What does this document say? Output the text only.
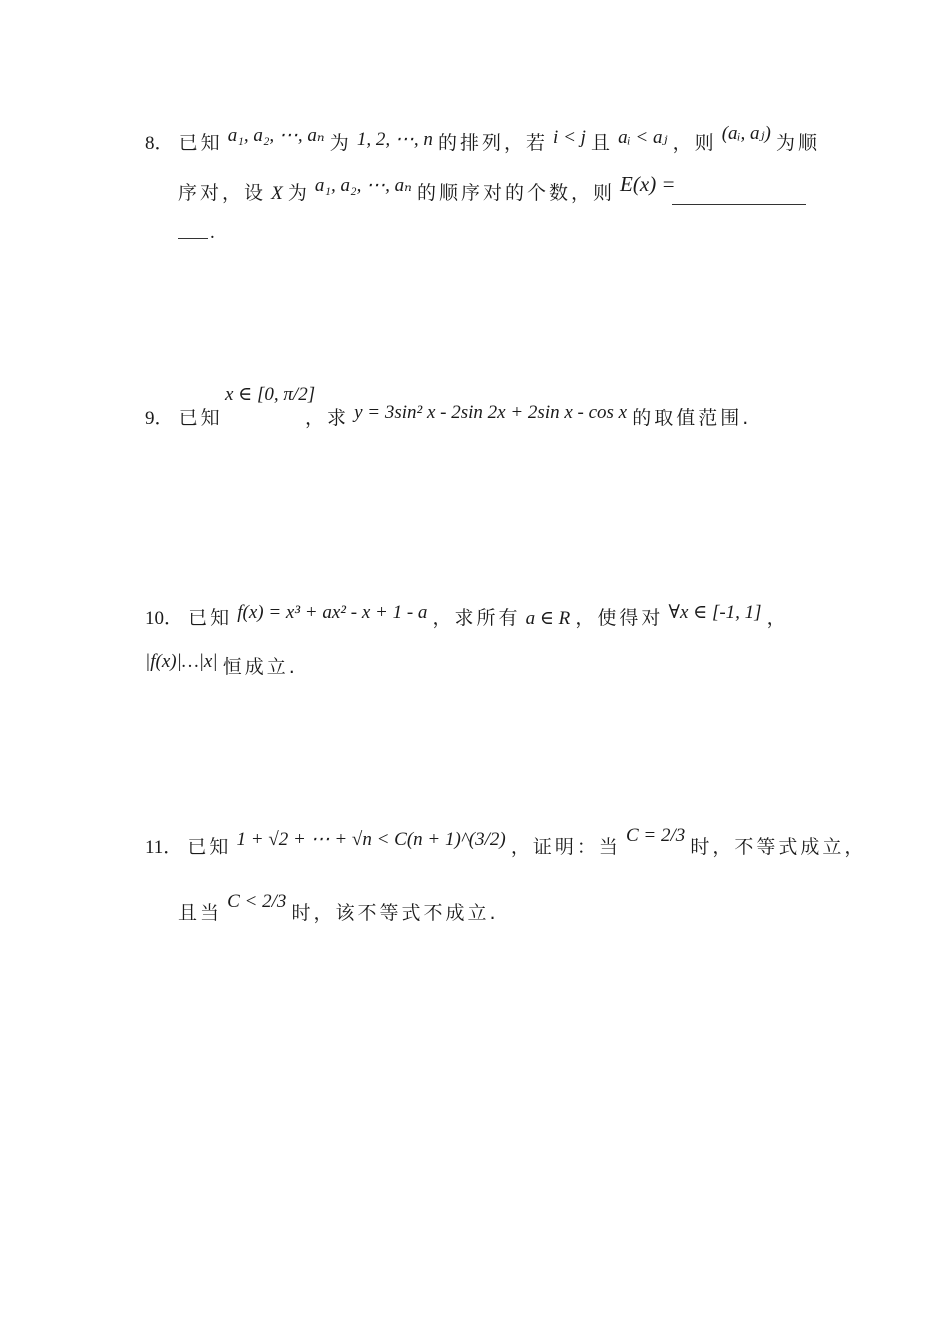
8． 已知 a₁, a₂, ⋯, aₙ 为 1, 2, ⋯, n 的排列，若 i < j 且 aᵢ < aⱼ ，则 (aᵢ, aⱼ) 为顺
序对，设 X 为 a₁, a₂, ⋯, aₙ 的顺序对的个数，则 E(x) =
.
9． 已知
x ∈ [0, π/2]
，求 y = 3sin² x - 2sin 2x + 2sin x - cos x 的取值范围.
10． 已知 f(x) = x³ + ax² - x + 1 - a ，求所有 a ∈ R ，使得对 ∀x ∈ [-1, 1] ，
|f(x)|…|x| 恒成立.
11． 已知 1 + √2 + ⋯ + √n < C(n + 1)^(3/2) ，证明：当 C = 2/3 时，不等式成立，
且当 C < 2/3 时，该不等式不成立.
